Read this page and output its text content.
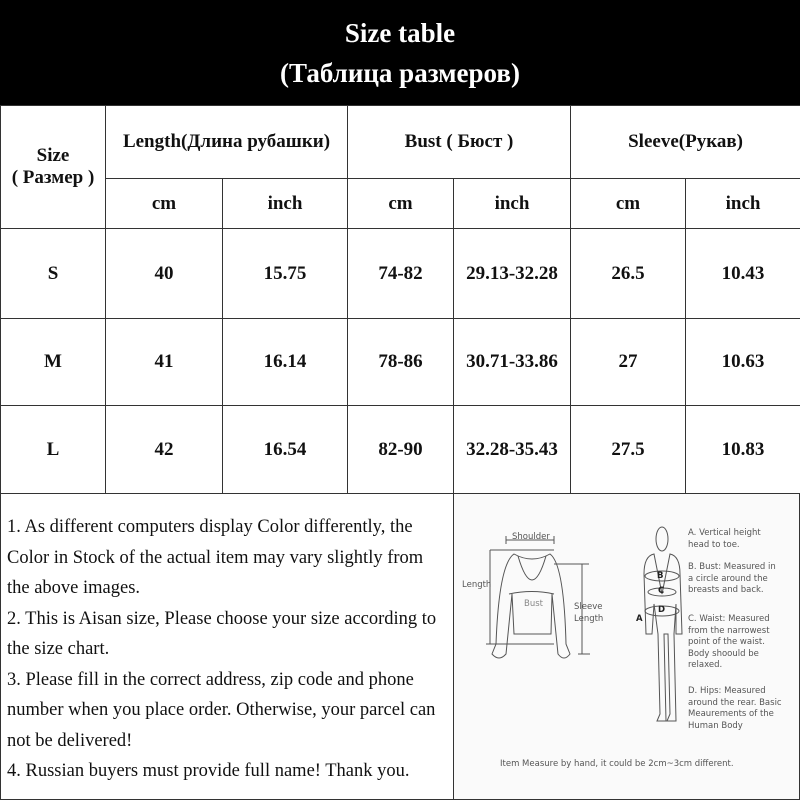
Size table
(Таблица размеров)
Size
( Размер )	Length(Длина рубашки)		Bust ( Бюст )		Sleeve(Рукав)	
	cm	inch	cm	inch	cm	inch
S	40	15.75	74-82	29.13-32.28	26.5	10.43
M	41	16.14	78-86	30.71-33.86	27	10.63
L	42	16.54	82-90	32.28-35.43	27.5	10.83

1. As different computers display Color differently, the Color in Stock of the actual item may vary slightly from the above images.

2. This is Aisan size, Please choose your size according to the size chart.

3. Please fill in the correct address, zip code and phone number when you place order. Otherwise, your parcel can not be delivered!

4. Russian buyers must provide full name! Thank you.

Shoulder
Length
Bust	Sleeve Length	A
B
C
D
A. Vertical height head to toe.
B. Bust: Measured in a circle around the breasts and back.
C. Waist: Measured from the narrowest point of the waist. Body shoould be relaxed.
D. Hips: Measured around the rear. Basic Meaurements of the Human Body
Item Measure by hand, it could be 2cm~3cm different.
